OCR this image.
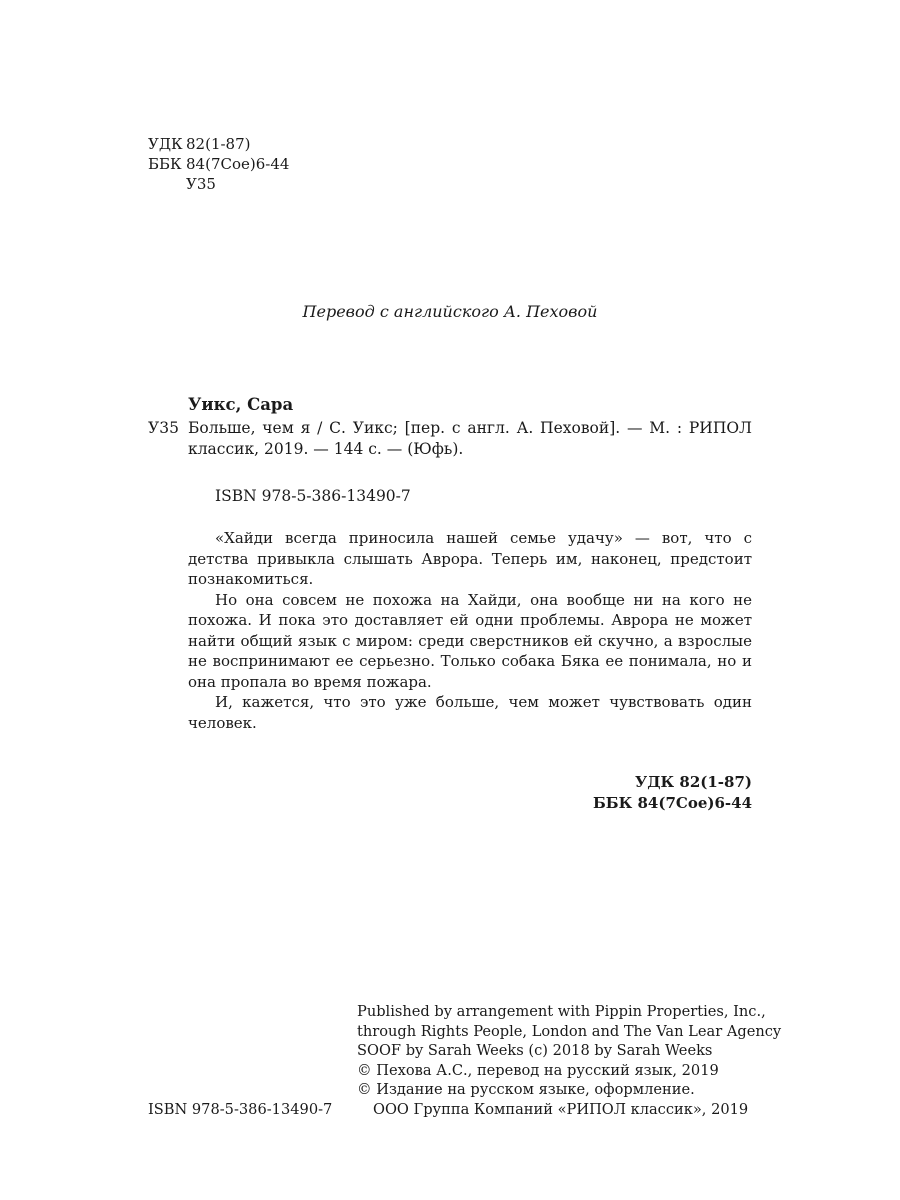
УДК 82(1-87)
ББК 84(7Сое)6-44
У35
Перевод с английского А. Пеховой
Уикс, Сара
У35 Больше, чем я / С. Уикс; [пер. с англ. А. Пеховой]. — М. : РИПОЛ
классик, 2019. — 144 с. — (Юфь).
ISBN 978-5-386-13490-7

«Хайди всегда приносила нашей семье удачу» — вот, что с детства привыкла слышать Аврора. Теперь им, наконец, предстоит познакомиться.

Но она совсем не похожа на Хайди, она вообще ни на кого не похожа. И пока это доставляет ей одни проблемы. Аврора не может найти общий язык с миром: среди сверстников ей скучно, а взрослые не воспринимают ее серьезно. Только собака Бяка ее понимала, но и она пропала во время пожара.

И, кажется, что это уже больше, чем может чувствовать один человек.

УДК 82(1-87)
ББК 84(7Сое)6-44
Published by arrangement with Pippin Properties, Inc.,
through Rights People, London and The Van Lear Agency
SOOF by Sarah Weeks (c) 2018 by Sarah Weeks
© Пехова А.С., перевод на русский язык, 2019
© Издание на русском языке, оформление.
ООО Группа Компаний «РИПОЛ классик», 2019
ISBN 978-5-386-13490-7
